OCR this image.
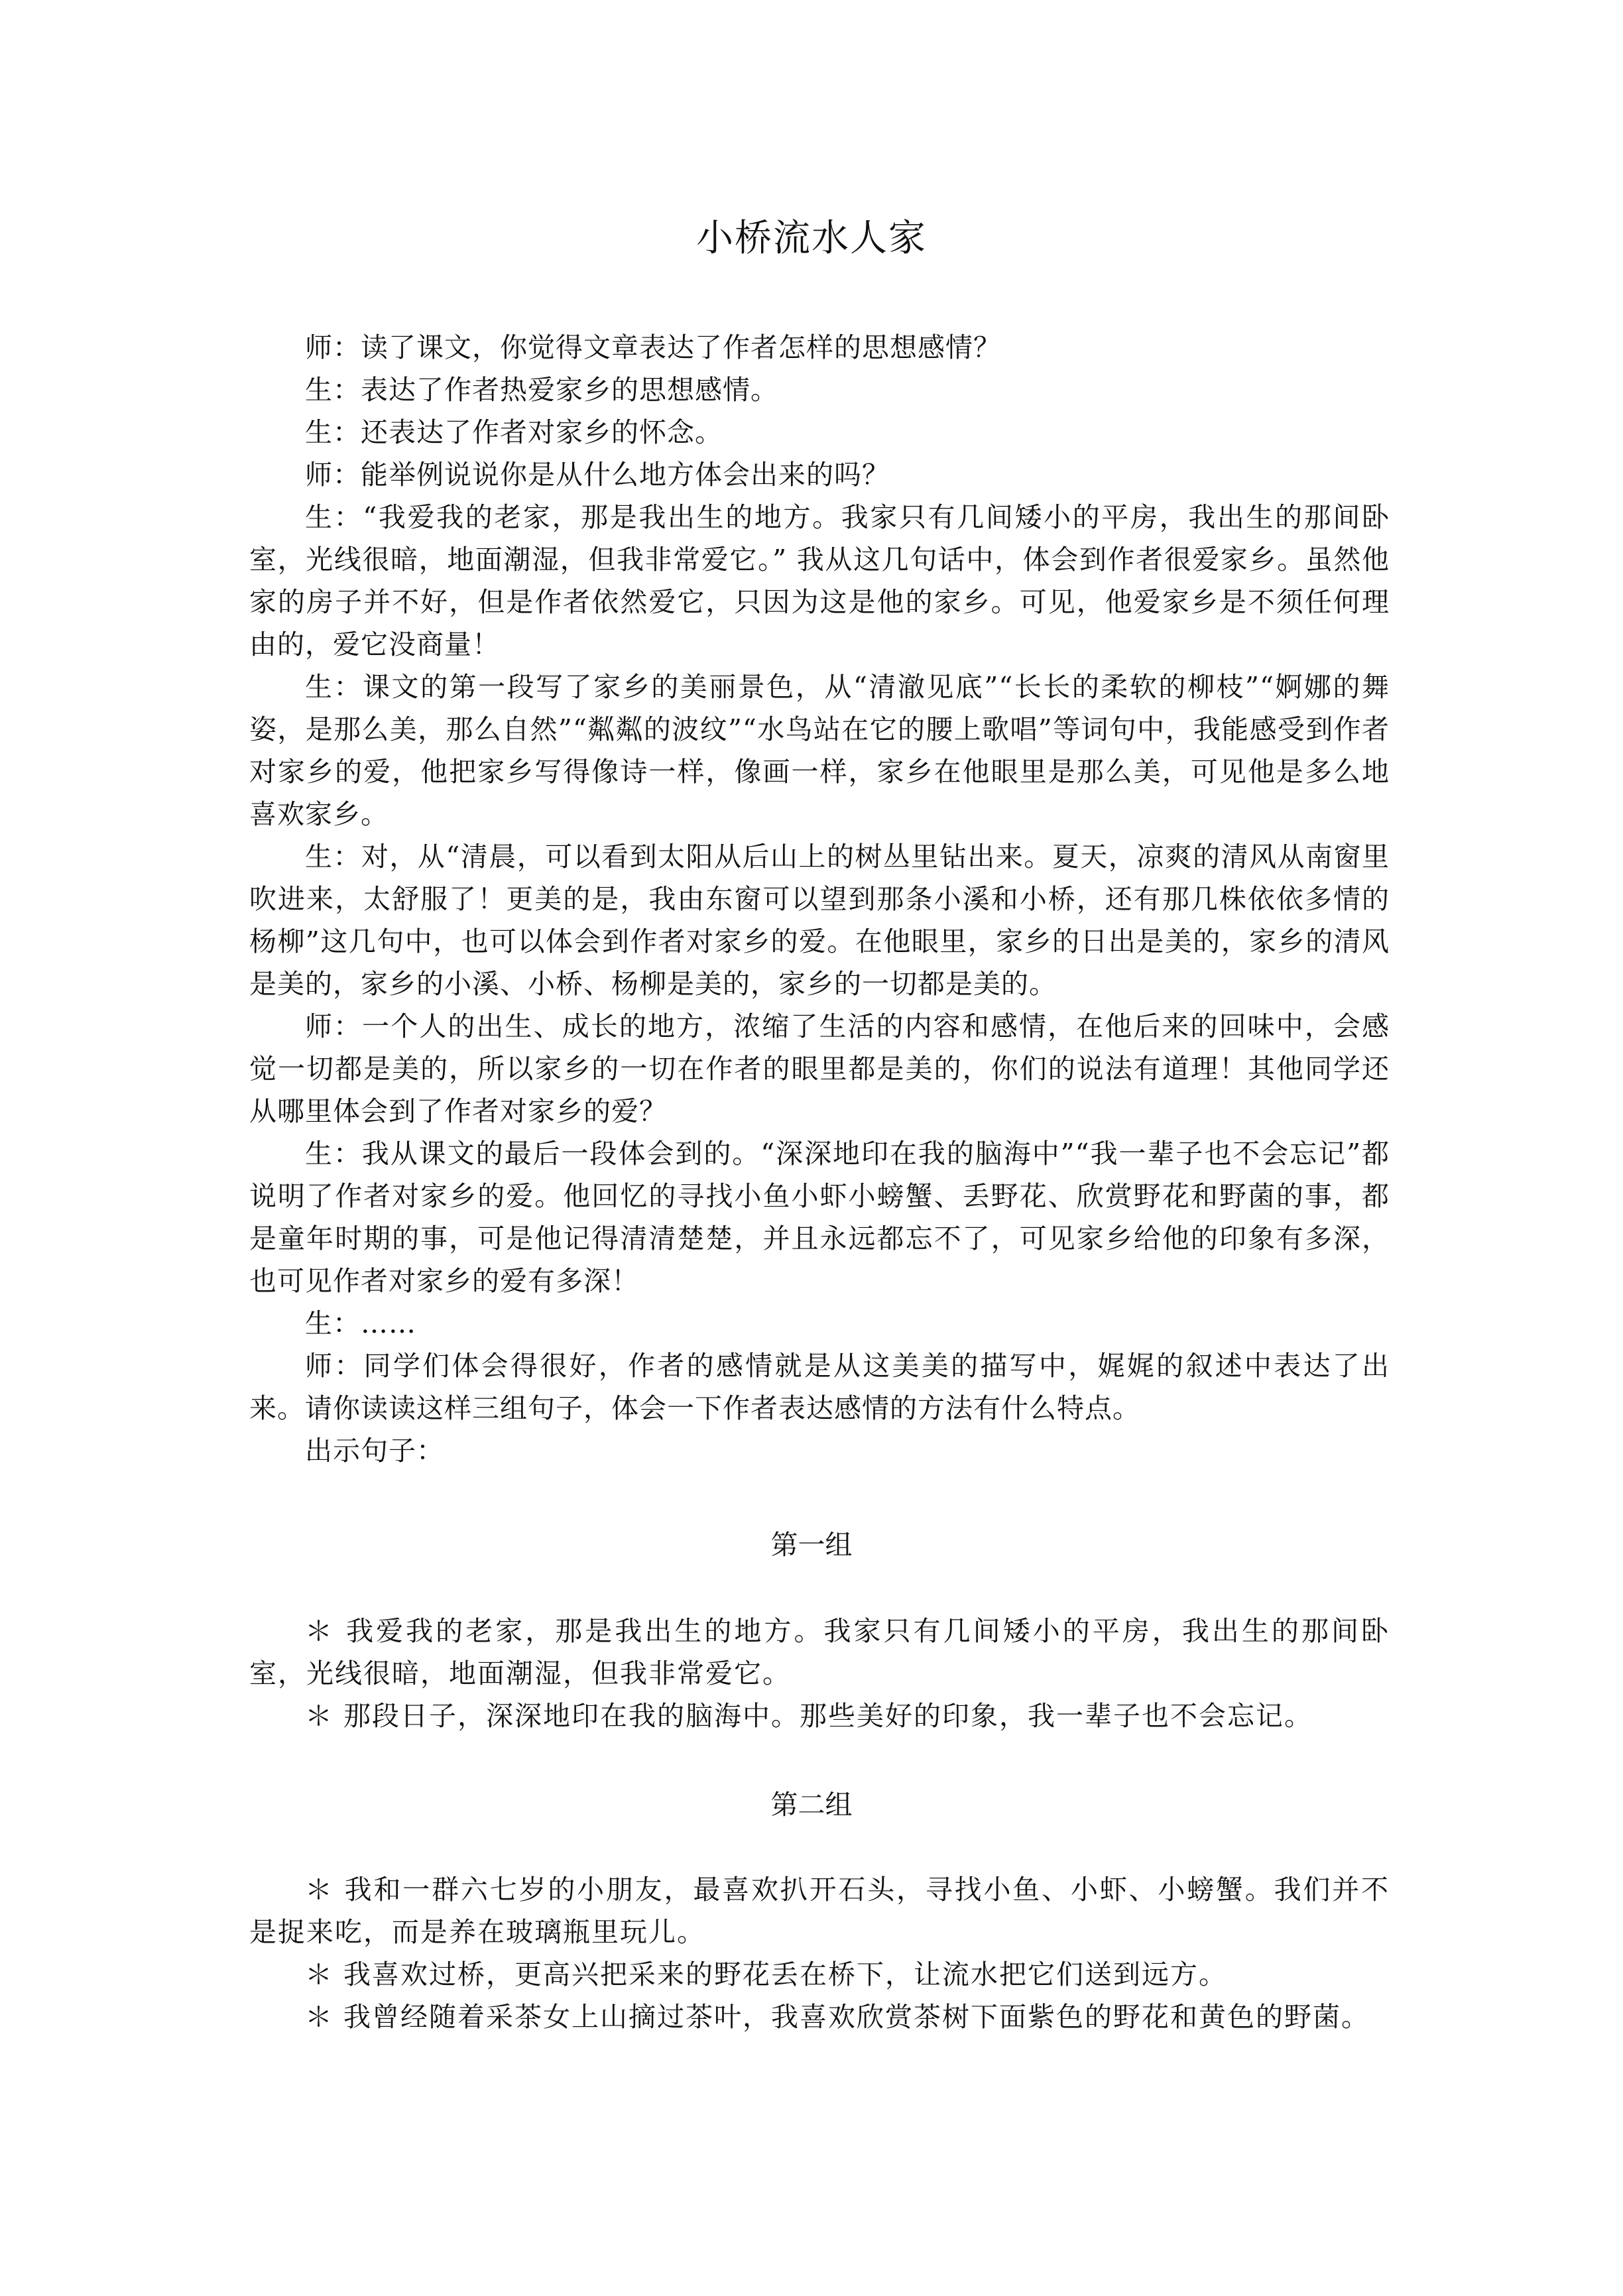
小桥流水人家

师：读了课文，你觉得文章表达了作者怎样的思想感情？

生：表达了作者热爱家乡的思想感情。

生：还表达了作者对家乡的怀念。

师：能举例说说你是从什么地方体会出来的吗？

生：“我爱我的老家，那是我出生的地方。我家只有几间矮小的平房，我出生的那间卧室，光线很暗，地面潮湿，但我非常爱它。” 我从这几句话中，体会到作者很爱家乡。虽然他家的房子并不好，但是作者依然爱它，只因为这是他的家乡。可见，他爱家乡是不须任何理由的，爱它没商量！

生：课文的第一段写了家乡的美丽景色，从“清澈见底”“长长的柔软的柳枝”“婀娜的舞姿，是那么美，那么自然”“粼粼的波纹”“水鸟站在它的腰上歌唱”等词句中，我能感受到作者对家乡的爱，他把家乡写得像诗一样，像画一样，家乡在他眼里是那么美，可见他是多么地喜欢家乡。

生：对，从“清晨，可以看到太阳从后山上的树丛里钻出来。夏天，凉爽的清风从南窗里吹进来，太舒服了！更美的是，我由东窗可以望到那条小溪和小桥，还有那几株依依多情的杨柳”这几句中，也可以体会到作者对家乡的爱。在他眼里，家乡的日出是美的，家乡的清风是美的，家乡的小溪、小桥、杨柳是美的，家乡的一切都是美的。

师：一个人的出生、成长的地方，浓缩了生活的内容和感情，在他后来的回味中，会感觉一切都是美的，所以家乡的一切在作者的眼里都是美的，你们的说法有道理！其他同学还从哪里体会到了作者对家乡的爱？

生：我从课文的最后一段体会到的。“深深地印在我的脑海中”“我一辈子也不会忘记”都说明了作者对家乡的爱。他回忆的寻找小鱼小虾小螃蟹、丢野花、欣赏野花和野菌的事，都是童年时期的事，可是他记得清清楚楚，并且永远都忘不了，可见家乡给他的印象有多深，也可见作者对家乡的爱有多深！

生：……

师：同学们体会得很好，作者的感情就是从这美美的描写中，娓娓的叙述中表达了出来。请你读读这样三组句子，体会一下作者表达感情的方法有什么特点。

出示句子：

第一组

＊ 我爱我的老家，那是我出生的地方。我家只有几间矮小的平房，我出生的那间卧室，光线很暗，地面潮湿，但我非常爱它。

＊ 那段日子，深深地印在我的脑海中。那些美好的印象，我一辈子也不会忘记。

第二组

＊ 我和一群六七岁的小朋友，最喜欢扒开石头，寻找小鱼、小虾、小螃蟹。我们并不是捉来吃，而是养在玻璃瓶里玩儿。

＊ 我喜欢过桥，更高兴把采来的野花丢在桥下，让流水把它们送到远方。

＊ 我曾经随着采茶女上山摘过茶叶，我喜欢欣赏茶树下面紫色的野花和黄色的野菌。
